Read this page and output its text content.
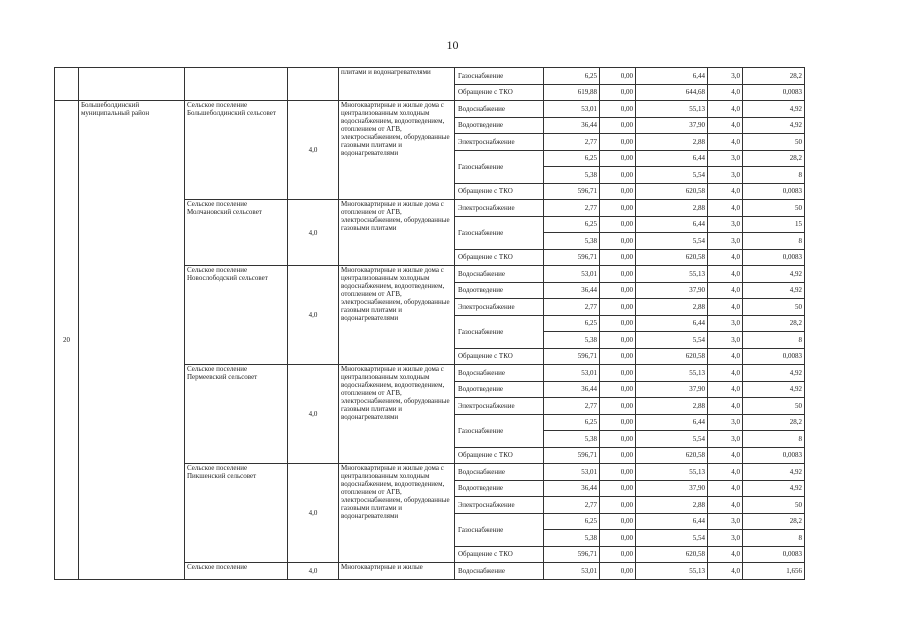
10
				плитами и водонагревателями	Газоснабжение	6,25	0,00	6,44	3,0	28,2
					Обращение с ТКО	619,88	0,00	644,68	4,0	0,0083
20	Большеболдинский муниципальный район	Сельское поселение Большеболдинский сельсовет	4,0	Многоквартирные и жилые дома с централизованным холодным водоснабжением, водоотведением, отоплением от АГВ, электроснабжением, оборудованные газовыми плитами и водонагревателями	Водоснабжение	53,01	0,00	55,13	4,0	4,92
					Водоотведение	36,44	0,00	37,90	4,0	4,92
					Электроснабжение	2,77	0,00	2,88	4,0	50
					Газоснабжение	6,25	0,00	6,44	3,0	28,2
						5,38	0,00	5,54	3,0	8
					Обращение с ТКО	596,71	0,00	620,58	4,0	0,0083
		Сельское поселение Молчановский сельсовет	4,0	Многоквартирные и жилые дома с отоплением от АГВ, электроснабжением, оборудованные газовыми плитами	Электроснабжение	2,77	0,00	2,88	4,0	50
					Газоснабжение	6,25	0,00	6,44	3,0	15
						5,38	0,00	5,54	3,0	8
					Обращение с ТКО	596,71	0,00	620,58	4,0	0,0083
		Сельское поселение Новослободский сельсовет	4,0	Многоквартирные и жилые дома с централизованным холодным водоснабжением, водоотведением, отоплением от АГВ, электроснабжением, оборудованные газовыми плитами и водонагревателями	Водоснабжение	53,01	0,00	55,13	4,0	4,92
					Водоотведение	36,44	0,00	37,90	4,0	4,92
					Электроснабжение	2,77	0,00	2,88	4,0	50
					Газоснабжение	6,25	0,00	6,44	3,0	28,2
						5,38	0,00	5,54	3,0	8
					Обращение с ТКО	596,71	0,00	620,58	4,0	0,0083
		Сельское поселение Пермеевский сельсовет	4,0	Многоквартирные и жилые дома с централизованным холодным водоснабжением, водоотведением, отоплением от АГВ, электроснабжением, оборудованные газовыми плитами и водонагревателями	Водоснабжение	53,01	0,00	55,13	4,0	4,92
					Водоотведение	36,44	0,00	37,90	4,0	4,92
					Электроснабжение	2,77	0,00	2,88	4,0	50
					Газоснабжение	6,25	0,00	6,44	3,0	28,2
						5,38	0,00	5,54	3,0	8
					Обращение с ТКО	596,71	0,00	620,58	4,0	0,0083
		Сельское поселение Пикшенский сельсовет	4,0	Многоквартирные и жилые дома с централизованным холодным водоснабжением, водоотведением, отоплением от АГВ, электроснабжением, оборудованные газовыми плитами и водонагревателями	Водоснабжение	53,01	0,00	55,13	4,0	4,92
					Водоотведение	36,44	0,00	37,90	4,0	4,92
					Электроснабжение	2,77	0,00	2,88	4,0	50
					Газоснабжение	6,25	0,00	6,44	3,0	28,2
						5,38	0,00	5,54	3,0	8
					Обращение с ТКО	596,71	0,00	620,58	4,0	0,0083
		Сельское поселение	4,0	Многоквартирные и жилые	Водоснабжение	53,01	0,00	55,13	4,0	1,656
